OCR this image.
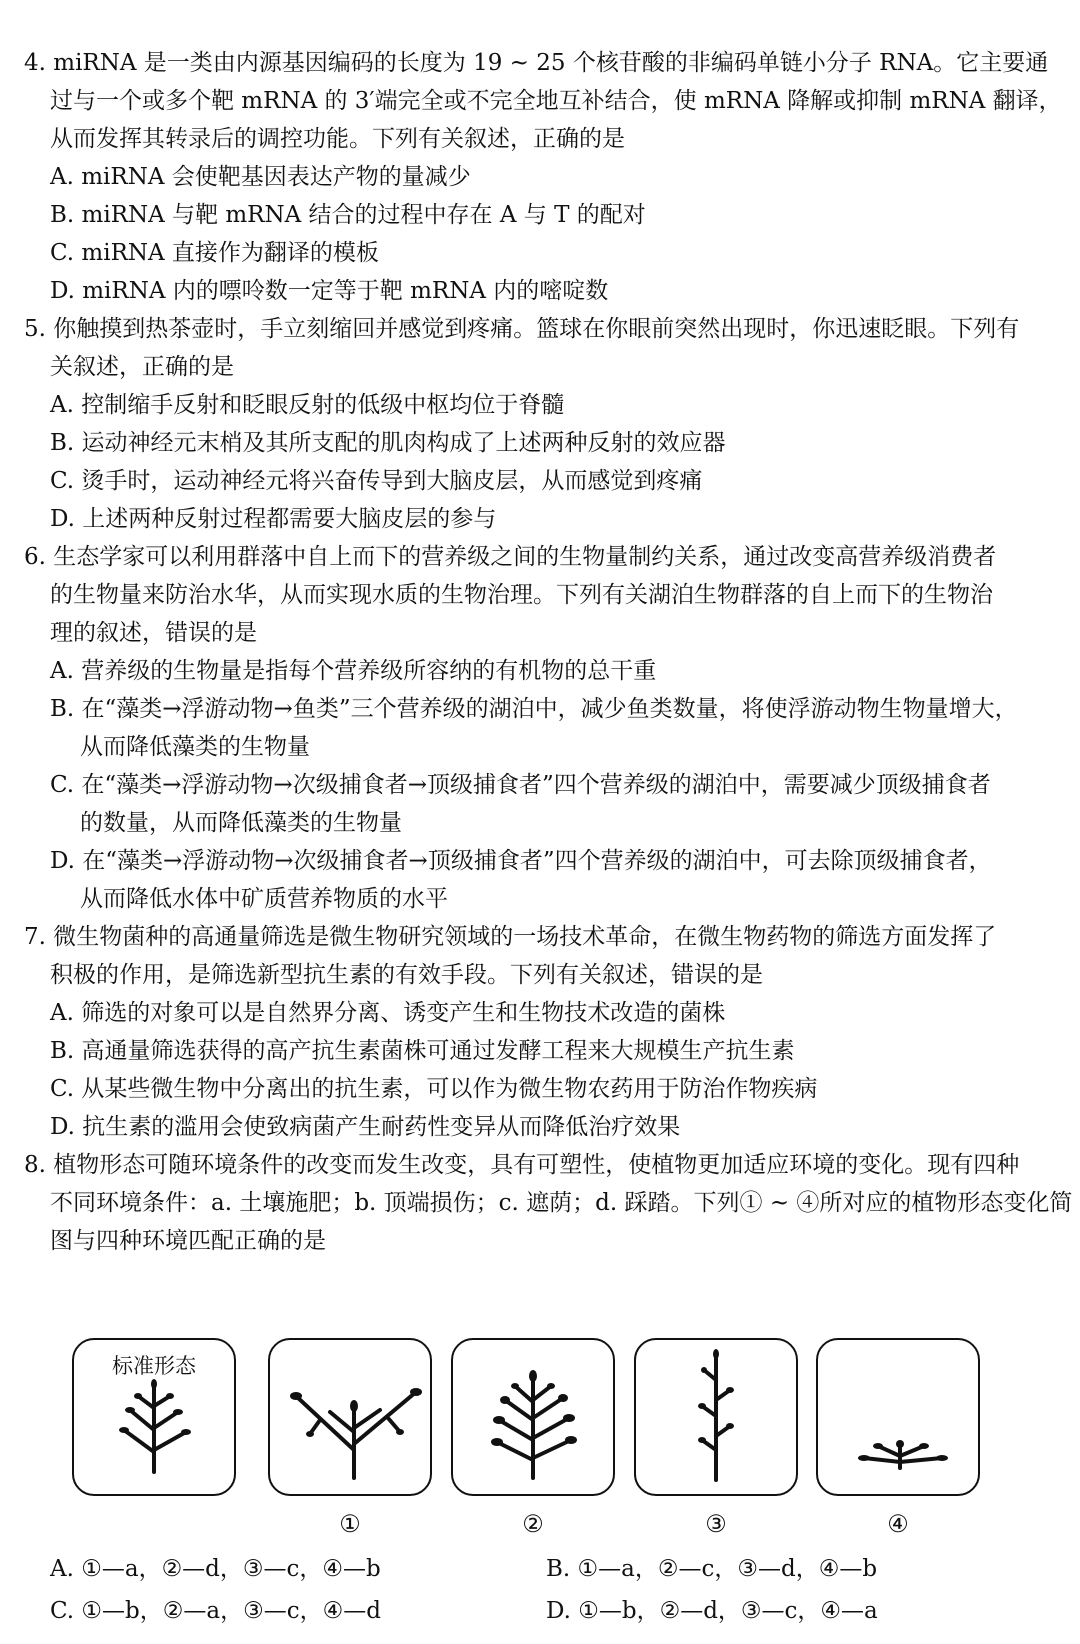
4. miRNA 是一类由内源基因编码的长度为 19 ~ 25 个核苷酸的非编码单链小分子 RNA。它主要通
过与一个或多个靶 mRNA 的 3′端完全或不完全地互补结合，使 mRNA 降解或抑制 mRNA 翻译，
从而发挥其转录后的调控功能。下列有关叙述，正确的是
A. miRNA 会使靶基因表达产物的量减少
B. miRNA 与靶 mRNA 结合的过程中存在 A 与 T 的配对
C. miRNA 直接作为翻译的模板
D. miRNA 内的嘌呤数一定等于靶 mRNA 内的嘧啶数
5. 你触摸到热茶壶时，手立刻缩回并感觉到疼痛。篮球在你眼前突然出现时，你迅速眨眼。下列有
关叙述，正确的是
A. 控制缩手反射和眨眼反射的低级中枢均位于脊髓
B. 运动神经元末梢及其所支配的肌肉构成了上述两种反射的效应器
C. 烫手时，运动神经元将兴奋传导到大脑皮层，从而感觉到疼痛
D. 上述两种反射过程都需要大脑皮层的参与
6. 生态学家可以利用群落中自上而下的营养级之间的生物量制约关系，通过改变高营养级消费者
的生物量来防治水华，从而实现水质的生物治理。下列有关湖泊生物群落的自上而下的生物治
理的叙述，错误的是
A. 营养级的生物量是指每个营养级所容纳的有机物的总干重
B. 在“藻类→浮游动物→鱼类”三个营养级的湖泊中，减少鱼类数量，将使浮游动物生物量增大，
从而降低藻类的生物量
C. 在“藻类→浮游动物→次级捕食者→顶级捕食者”四个营养级的湖泊中，需要减少顶级捕食者
的数量，从而降低藻类的生物量
D. 在“藻类→浮游动物→次级捕食者→顶级捕食者”四个营养级的湖泊中，可去除顶级捕食者，
从而降低水体中矿质营养物质的水平
7. 微生物菌种的高通量筛选是微生物研究领域的一场技术革命，在微生物药物的筛选方面发挥了
积极的作用，是筛选新型抗生素的有效手段。下列有关叙述，错误的是
A. 筛选的对象可以是自然界分离、诱变产生和生物技术改造的菌株
B. 高通量筛选获得的高产抗生素菌株可通过发酵工程来大规模生产抗生素
C. 从某些微生物中分离出的抗生素，可以作为微生物农药用于防治作物疾病
D. 抗生素的滥用会使致病菌产生耐药性变异从而降低治疗效果
8. 植物形态可随环境条件的改变而发生改变，具有可塑性，使植物更加适应环境的变化。现有四种
不同环境条件：a. 土壤施肥；b. 顶端损伤；c. 遮荫；d. 踩踏。下列① ~ ④所对应的植物形态变化简
图与四种环境匹配正确的是
标准形态
①	②	③	④
A. ①—a，②—d，③—c，④—b	B. ①—a，②—c，③—d，④—b
C. ①—b，②—a，③—c，④—d	D. ①—b，②—d，③—c，④—a
